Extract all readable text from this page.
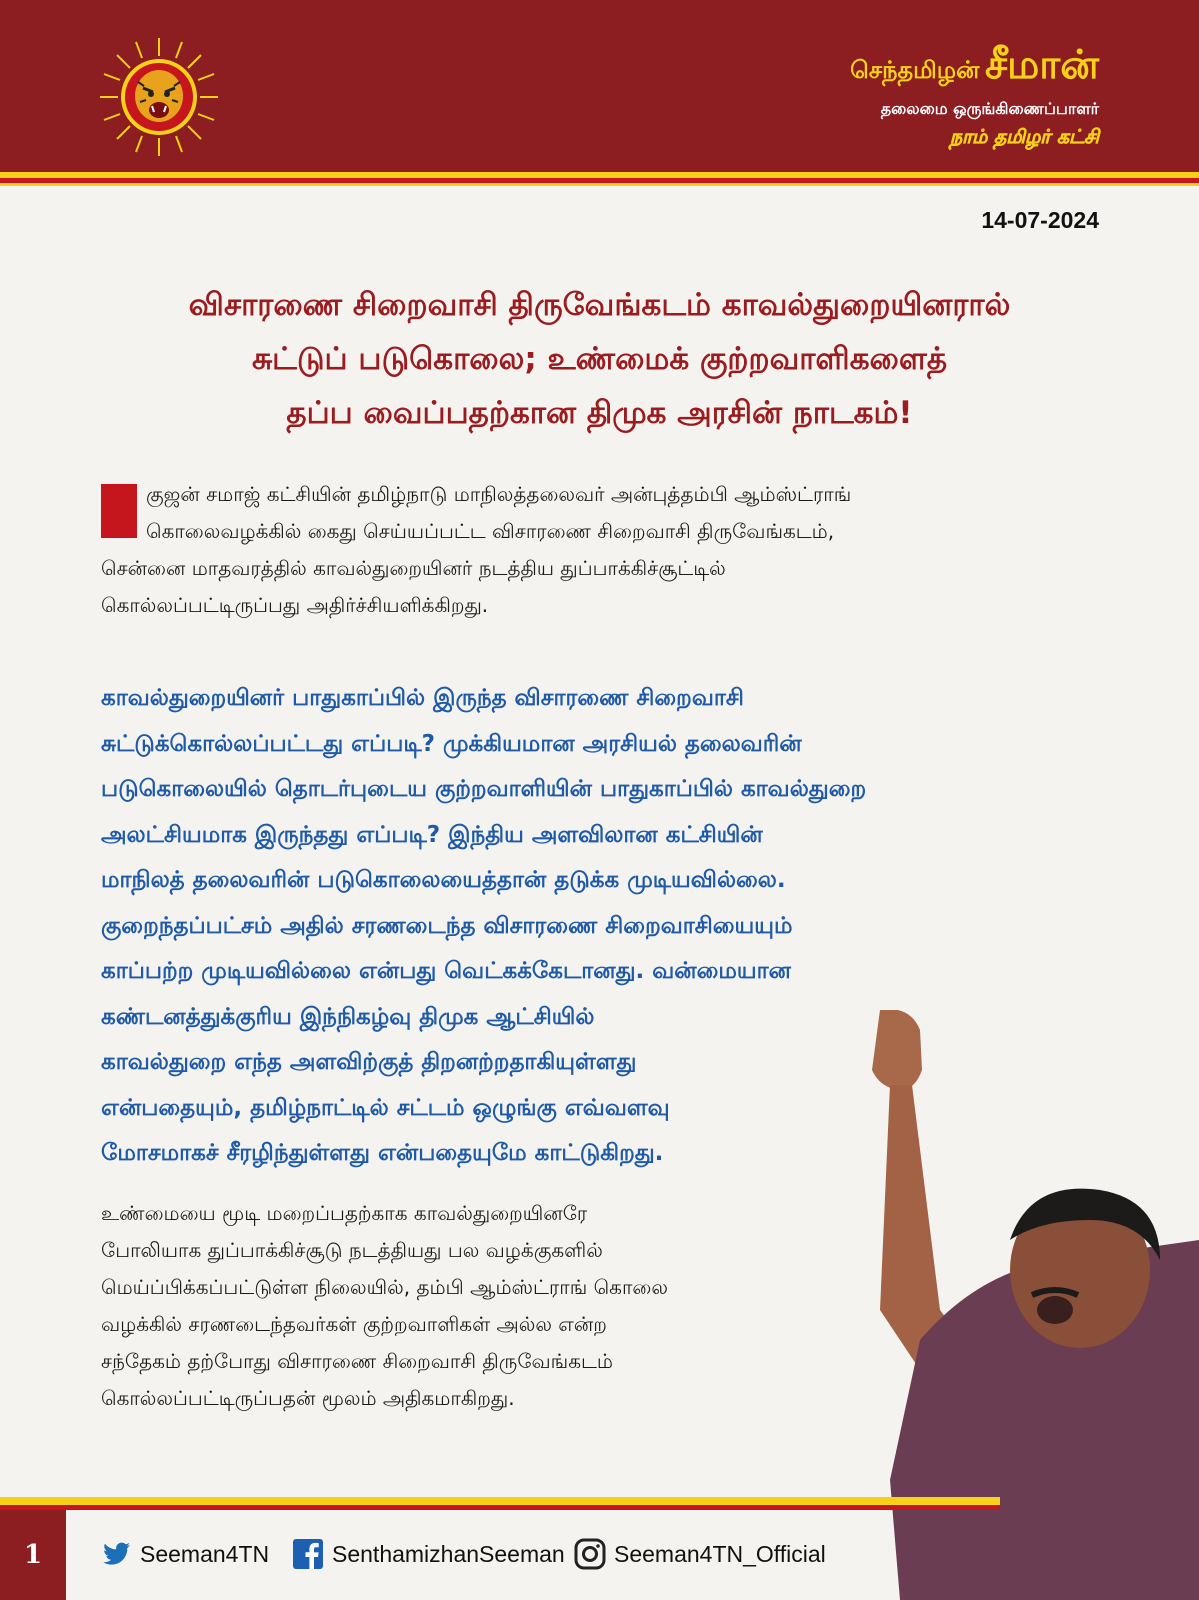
செந்தமிழன் சீமான்
தலைமை ஒருங்கிணைப்பாளர்
நாம் தமிழர் கட்சி
14-07-2024
விசாரணை சிறைவாசி திருவேங்கடம் காவல்துறையினரால்
சுட்டுப் படுகொலை; உண்மைக் குற்றவாளிகளைத்
தப்ப வைப்பதற்கான திமுக அரசின் நாடகம்!
குஜன் சமாஜ் கட்சியின் தமிழ்நாடு மாநிலத்தலைவர் அன்புத்தம்பி ஆம்ஸ்ட்ராங்
கொலைவழக்கில் கைது செய்யப்பட்ட விசாரணை சிறைவாசி திருவேங்கடம்,
சென்னை மாதவரத்தில் காவல்துறையினர் நடத்திய துப்பாக்கிச்சூட்டில்
கொல்லப்பட்டிருப்பது அதிர்ச்சியளிக்கிறது.

காவல்துறையினர் பாதுகாப்பில் இருந்த விசாரணை சிறைவாசி

சுட்டுக்கொல்லப்பட்டது எப்படி? முக்கியமான அரசியல் தலைவரின்

படுகொலையில் தொடர்புடைய குற்றவாளியின் பாதுகாப்பில் காவல்துறை

அலட்சியமாக இருந்தது எப்படி? இந்திய அளவிலான கட்சியின்

மாநிலத் தலைவரின் படுகொலையைத்தான் தடுக்க முடியவில்லை.

குறைந்தப்பட்சம் அதில் சரணடைந்த விசாரணை சிறைவாசியையும்

காப்பற்ற முடியவில்லை என்பது வெட்கக்கேடானது. வன்மையான

கண்டனத்துக்குரிய இந்நிகழ்வு திமுக ஆட்சியில்

காவல்துறை எந்த அளவிற்குத் திறனற்றதாகியுள்ளது

என்பதையும், தமிழ்நாட்டில் சட்டம் ஒழுங்கு எவ்வளவு

மோசமாகச் சீரழிந்துள்ளது என்பதையுமே காட்டுகிறது.

உண்மையை மூடி மறைப்பதற்காக காவல்துறையினரே

போலியாக துப்பாக்கிச்சூடு நடத்தியது பல வழக்குகளில்

மெய்ப்பிக்கப்பட்டுள்ள நிலையில், தம்பி ஆம்ஸ்ட்ராங் கொலை

வழக்கில் சரணடைந்தவர்கள் குற்றவாளிகள் அல்ல என்ற

சந்தேகம் தற்போது விசாரணை சிறைவாசி திருவேங்கடம்

கொல்லப்பட்டிருப்பதன் மூலம் அதிகமாகிறது.

1	Seeman4TN	SenthamizhanSeeman Seeman4TN_Official
